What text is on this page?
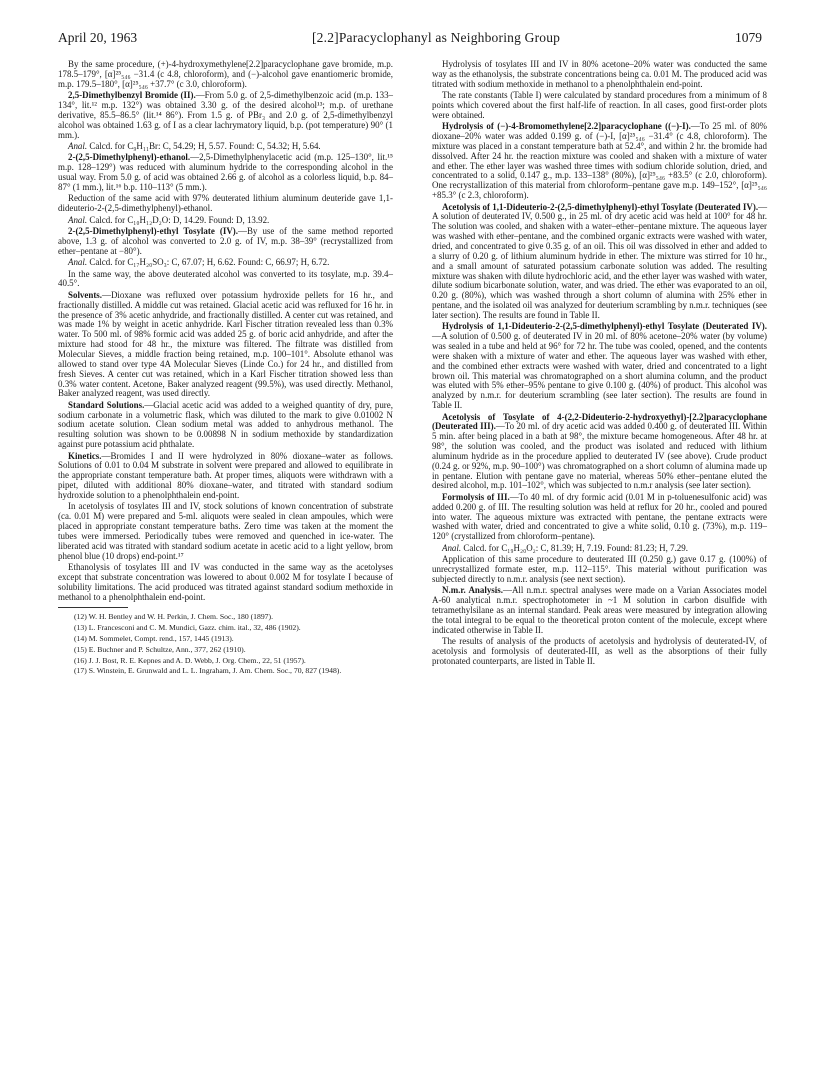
April 20, 1963	[2.2]Paracyclophanyl as Neighboring Group	1079

By the same procedure, (+)-4-hydroxymethylene[2.2]paracyclophane gave bromide, m.p. 178.5–179°, [α]²⁵₅₄₆ −31.4 (c 4.8, chloroform), and (−)-alcohol gave enantiomeric bromide, m.p. 179.5–180°, [α]²⁵₅₄₆ +37.7° (c 3.0, chloroform).

2,5-Dimethylbenzyl Bromide (II).—From 5.0 g. of 2,5-dimethylbenzoic acid (m.p. 133–134°, lit.¹² m.p. 132°) was obtained 3.30 g. of the desired alcohol¹³; m.p. of urethane derivative, 85.5–86.5° (lit.¹⁴ 86°). From 1.5 g. of PBr₃ and 2.0 g. of 2,5-dimethylbenzyl alcohol was obtained 1.63 g. of I as a clear lachrymatory liquid, b.p. (pot temperature) 90° (1 mm.).

Anal. Calcd. for C₉H₁₁Br: C, 54.29; H, 5.57. Found: C, 54.32; H, 5.64.

2-(2,5-Dimethylphenyl)-ethanol.—2,5-Dimethylphenylacetic acid (m.p. 125–130°, lit.¹⁵ m.p. 128–129°) was reduced with aluminum hydride to the corresponding alcohol in the usual way. From 5.0 g. of acid was obtained 2.66 g. of alcohol as a colorless liquid, b.p. 84–87° (1 mm.), lit.¹⁶ b.p. 110–113° (5 mm.).

Reduction of the same acid with 97% deuterated lithium aluminum deuteride gave 1,1-dideuterio-2-(2,5-dimethylphenyl)-ethanol.

Anal. Calcd. for C₁₀H₁₂D₂O: D, 14.29. Found: D, 13.92.

2-(2,5-Dimethylphenyl)-ethyl Tosylate (IV).—By use of the same method reported above, 1.3 g. of alcohol was converted to 2.0 g. of IV, m.p. 38–39° (recrystallized from ether–pentane at −80°).

Anal. Calcd. for C₁₇H₂₀SO₃: C, 67.07; H, 6.62. Found: C, 66.97; H, 6.72.

In the same way, the above deuterated alcohol was converted to its tosylate, m.p. 39.4–40.5°.

Solvents.—Dioxane was refluxed over potassium hydroxide pellets for 16 hr., and fractionally distilled. A middle cut was retained. Glacial acetic acid was refluxed for 16 hr. in the presence of 3% acetic anhydride, and fractionally distilled. A center cut was retained, and was made 1% by weight in acetic anhydride. Karl Fischer titration revealed less than 0.3% water. To 500 ml. of 98% formic acid was added 25 g. of boric acid anhydride, and after the mixture had stood for 48 hr., the mixture was filtered. The filtrate was distilled from Molecular Sieves, a middle fraction being retained, m.p. 100–101°. Absolute ethanol was allowed to stand over type 4A Molecular Sieves (Linde Co.) for 24 hr., and distilled from fresh Sieves. A center cut was retained, which in a Karl Fischer titration showed less than 0.3% water content. Acetone, Baker analyzed reagent (99.5%), was used directly. Methanol, Baker analyzed reagent, was used directly.

Standard Solutions.—Glacial acetic acid was added to a weighed quantity of dry, pure, sodium carbonate in a volumetric flask, which was diluted to the mark to give 0.01002 N sodium acetate solution. Clean sodium metal was added to anhydrous methanol. The resulting solution was shown to be 0.00898 N in sodium methoxide by standardization against pure potassium acid phthalate.

Kinetics.—Bromides I and II were hydrolyzed in 80% dioxane–water as follows. Solutions of 0.01 to 0.04 M substrate in solvent were prepared and allowed to equilibrate in the appropriate constant temperature bath. At proper times, aliquots were withdrawn with a pipet, diluted with additional 80% dioxane–water, and titrated with standard sodium hydroxide solution to a phenolphthalein end-point.

In acetolysis of tosylates III and IV, stock solutions of known concentration of substrate (ca. 0.01 M) were prepared and 5-ml. aliquots were sealed in clean ampoules, which were placed in appropriate constant temperature baths. Zero time was taken at the moment the tubes were immersed. Periodically tubes were removed and quenched in ice-water. The liberated acid was titrated with standard sodium acetate in acetic acid to a light yellow, brom phenol blue (10 drops) end-point.¹⁷

Ethanolysis of tosylates III and IV was conducted in the same way as the acetolyses except that substrate concentration was lowered to about 0.002 M for tosylate I because of solubility limitations. The acid produced was titrated against standard sodium methoxide in methanol to a phenolphthalein end-point.

(12) W. H. Bentley and W. H. Perkin, J. Chem. Soc., 180 (1897).

(13) L. Francesconi and C. M. Mundici, Gazz. chim. ital., 32, 486 (1902).

(14) M. Sommelet, Compt. rend., 157, 1445 (1913).

(15) E. Buchner and P. Schultze, Ann., 377, 262 (1910).

(16) J. J. Bost, R. E. Kepnes and A. D. Webb, J. Org. Chem., 22, 51 (1957).

(17) S. Winstein, E. Grunwald and L. L. Ingraham, J. Am. Chem. Soc., 70, 827 (1948).

Hydrolysis of tosylates III and IV in 80% acetone–20% water was conducted the same way as the ethanolysis, the substrate concentrations being ca. 0.01 M. The produced acid was titrated with sodium methoxide in methanol to a phenolphthalein end-point.

The rate constants (Table I) were calculated by standard procedures from a minimum of 8 points which covered about the first half-life of reaction. In all cases, good first-order plots were obtained.

Hydrolysis of (−)-4-Bromomethylene[2.2]paracyclophane ((−)-I).—To 25 ml. of 80% dioxane–20% water was added 0.199 g. of (−)-I, [α]²⁵₅₄₆ −31.4° (c 4.8, chloroform). The mixture was placed in a constant temperature bath at 52.4°, and within 2 hr. the bromide had dissolved. After 24 hr. the reaction mixture was cooled and shaken with a mixture of water and ether. The ether layer was washed three times with sodium chloride solution, dried, and concentrated to a solid, 0.147 g., m.p. 133–138° (80%), [α]²⁵₅₄₆ +83.5° (c 2.0, chloroform). One recrystallization of this material from chloroform–pentane gave m.p. 149–152°, [α]²⁵₅₄₆ +85.3° (c 2.3, chloroform).

Acetolysis of 1,1-Dideuterio-2-(2,5-dimethylphenyl)-ethyl Tosylate (Deuterated IV).—A solution of deuterated IV, 0.500 g., in 25 ml. of dry acetic acid was held at 100° for 48 hr. The solution was cooled, and shaken with a water–ether–pentane mixture. The aqueous layer was washed with ether–pentane, and the combined organic extracts were washed with water, dried, and concentrated to give 0.35 g. of an oil. This oil was dissolved in ether and added to a slurry of 0.20 g. of lithium aluminum hydride in ether. The mixture was stirred for 10 hr., and a small amount of saturated potassium carbonate solution was added. The resulting mixture was shaken with dilute hydrochloric acid, and the ether layer was washed with water, dilute sodium bicarbonate solution, water, and was dried. The ether was evaporated to an oil, 0.20 g. (80%), which was washed through a short column of alumina with 25% ether in pentane, and the isolated oil was analyzed for deuterium scrambling by n.m.r. techniques (see later section). The results are found in Table II.

Hydrolysis of 1,1-Dideuterio-2-(2,5-dimethylphenyl)-ethyl Tosylate (Deuterated IV).—A solution of 0.500 g. of deuterated IV in 20 ml. of 80% acetone–20% water (by volume) was sealed in a tube and held at 96° for 72 hr. The tube was cooled, opened, and the contents were shaken with a mixture of water and ether. The aqueous layer was washed with ether, and the combined ether extracts were washed with water, dried and concentrated to a light brown oil. This material was chromatographed on a short alumina column, and the product was eluted with 5% ether–95% pentane to give 0.100 g. (40%) of product. This alcohol was analyzed by n.m.r. for deuterium scrambling (see later section). The results are found in Table II.

Acetolysis of Tosylate of 4-(2,2-Dideuterio-2-hydroxyethyl)-[2.2]paracyclophane (Deuterated III).—To 20 ml. of dry acetic acid was added 0.400 g. of deuterated III. Within 5 min. after being placed in a bath at 98°, the mixture became homogeneous. After 48 hr. at 98°, the solution was cooled, and the product was isolated and reduced with lithium aluminum hydride as in the procedure applied to deuterated IV (see above). Crude product (0.24 g. or 92%, m.p. 90–100°) was chromatographed on a short column of alumina made up in pentane. Elution with pentane gave no material, whereas 50% ether–pentane eluted the desired alcohol, m.p. 101–102°, which was subjected to n.m.r analysis (see later section).

Formolysis of III.—To 40 ml. of dry formic acid (0.01 M in p-toluenesulfonic acid) was added 0.200 g. of III. The resulting solution was held at reflux for 20 hr., cooled and poured into water. The aqueous mixture was extracted with pentane, the pentane extracts were washed with water, dried and concentrated to give a white solid, 0.10 g. (73%), m.p. 119–120° (crystallized from chloroform–pentane).

Anal. Calcd. for C₁₉H₂₀O₂: C, 81.39; H, 7.19. Found: 81.23; H, 7.29.

Application of this same procedure to deuterated III (0.250 g.) gave 0.17 g. (100%) of unrecrystallized formate ester, m.p. 112–115°. This material without purification was subjected directly to n.m.r. analysis (see next section).

N.m.r. Analysis.—All n.m.r. spectral analyses were made on a Varian Associates model A-60 analytical n.m.r. spectrophotometer in ~1 M solution in carbon disulfide with tetramethylsilane as an internal standard. Peak areas were measured by integration allowing the total integral to be equal to the theoretical proton content of the molecule, except where indicated otherwise in Table II.

The results of analysis of the products of acetolysis and hydrolysis of deuterated-IV, of acetolysis and formolysis of deuterated-III, as well as the absorptions of their fully protonated counterparts, are listed in Table II.
